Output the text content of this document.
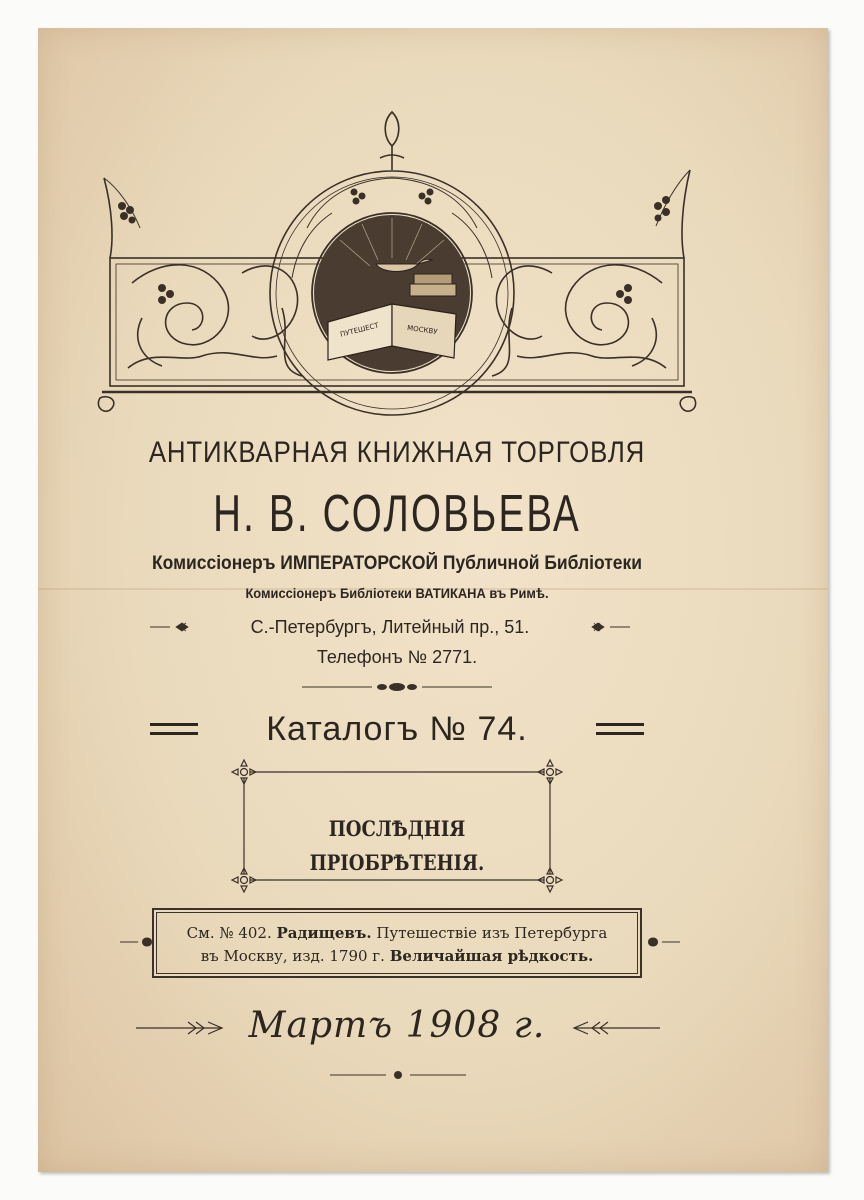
ПУТЕШЕСТ	МОСКВУ
АНТИКВАРНАЯ КНИЖНАЯ ТОРГОВЛЯ
Н. В. СОЛОВЬЕВА
Комиссіонеръ ИМПЕРАТОРСКОЙ Публичной Библіотеки
Комиссіонеръ Библіотеки ВАТИКАНА въ Римѣ.
С.-Петербургъ, Литейный пр., 51.
Телефонъ № 2771.
Каталогъ № 74.
ПОСЛѢДНІЯ ПРІОБРѢТЕНІЯ.
См. № 402. Радищевъ. Путешествіе изъ Петербурга
въ Москву, изд. 1790 г. Величайшая рѣдкость.
Мартъ 1908 г.
